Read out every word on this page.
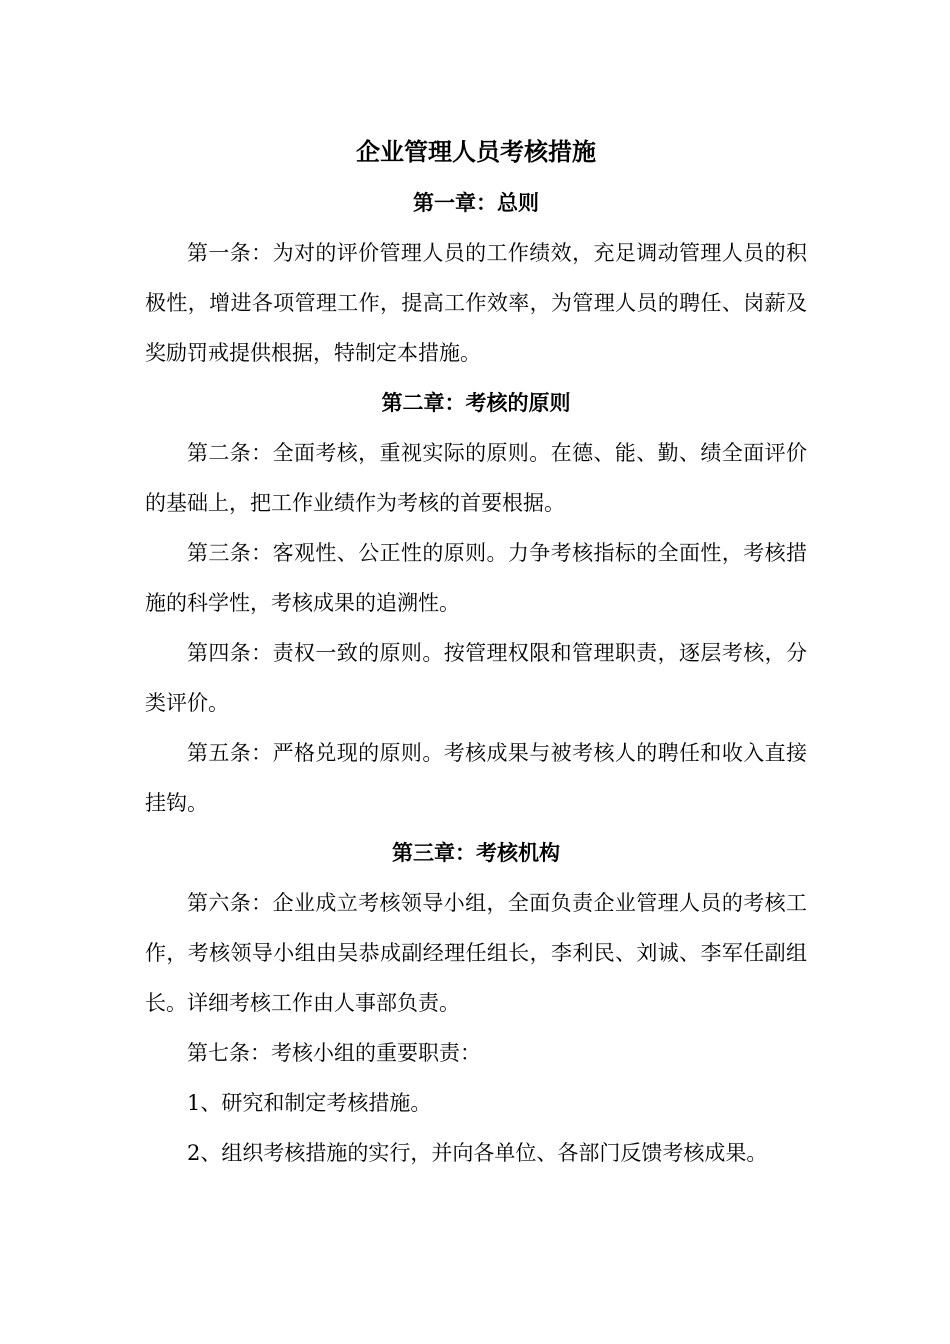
企业管理人员考核措施
第一章：总则

第一条：为对的评价管理人员的工作绩效，充足调动管理人员的积极性，增进各项管理工作，提高工作效率，为管理人员的聘任、岗薪及奖励罚戒提供根据，特制定本措施。

第二章：考核的原则

第二条：全面考核，重视实际的原则。在德、能、勤、绩全面评价的基础上，把工作业绩作为考核的首要根据。

第三条：客观性、公正性的原则。力争考核指标的全面性，考核措施的科学性，考核成果的追溯性。

第四条：责权一致的原则。按管理权限和管理职责，逐层考核，分类评价。

第五条：严格兑现的原则。考核成果与被考核人的聘任和收入直接挂钩。

第三章：考核机构

第六条：企业成立考核领导小组，全面负责企业管理人员的考核工作，考核领导小组由吴恭成副经理任组长，李利民、刘诚、李军任副组长。详细考核工作由人事部负责。

第七条：考核小组的重要职责：

1、研究和制定考核措施。

2、组织考核措施的实行，并向各单位、各部门反馈考核成果。
